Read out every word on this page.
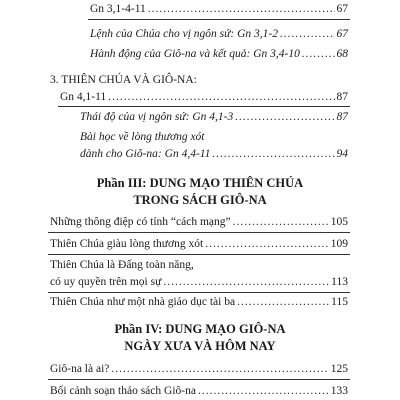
Gn 3,1-4-11 .....	67
Lệnh của Chúa cho vị ngôn sứ: Gn 3,1-2 .....	67
Hành động của Giô-na và kết quả: Gn 3,4-10 .....	68
3. THIÊN CHÚA VÀ GIÔ-NA:
Gn 4,1-11 .....	87
Thái độ của vị ngôn sứ: Gn 4,1-3 .....	87
Bài học về lòng thương xót
dành cho Giô-na: Gn 4,4-11 .....	94
Phần III: DUNG MẠO THIÊN CHÚA
TRONG SÁCH GIÔ-NA
Những thông điệp có tính “cách mạng” .....	105
Thiên Chúa giàu lòng thương xót .....	109
Thiên Chúa là Đấng toàn năng,
có uy quyền trên mọi sự .....	113
Thiên Chúa như một nhà giáo dục tài ba .....	115
Phần IV: DUNG MẠO GIÔ-NA
NGÀY XƯA VÀ HÔM NAY
Giô-na là ai? .....	125
Bối cảnh soạn thảo sách Giô-na .....	133
